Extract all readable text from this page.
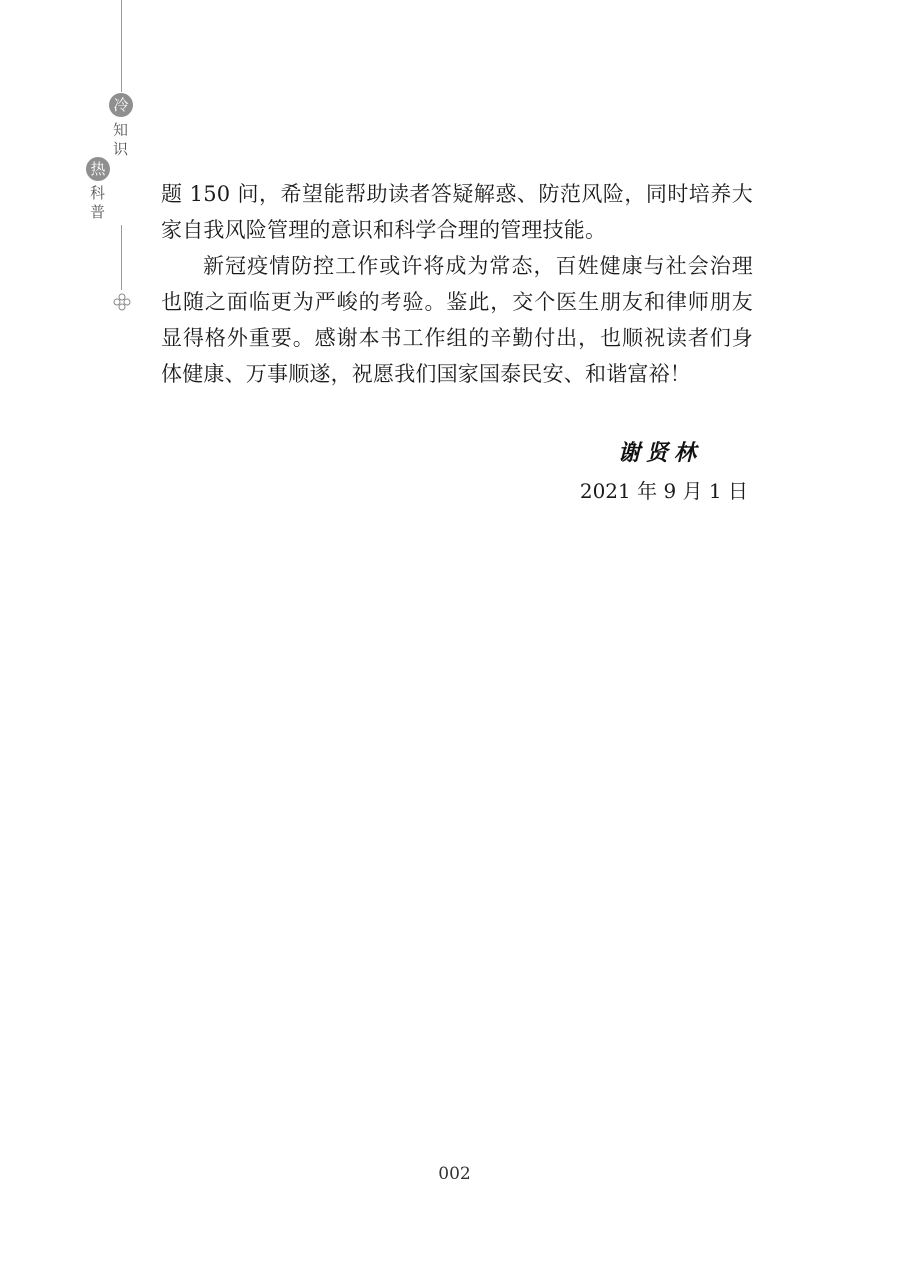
冷
知
识
热
科
普

题 150 问，希望能帮助读者答疑解惑、防范风险，同时培养大家自我风险管理的意识和科学合理的管理技能。

新冠疫情防控工作或许将成为常态，百姓健康与社会治理也随之面临更为严峻的考验。鉴此，交个医生朋友和律师朋友显得格外重要。感谢本书工作组的辛勤付出，也顺祝读者们身体健康、万事顺遂，祝愿我们国家国泰民安、和谐富裕！

谢贤林
2021 年 9 月 1 日
002
